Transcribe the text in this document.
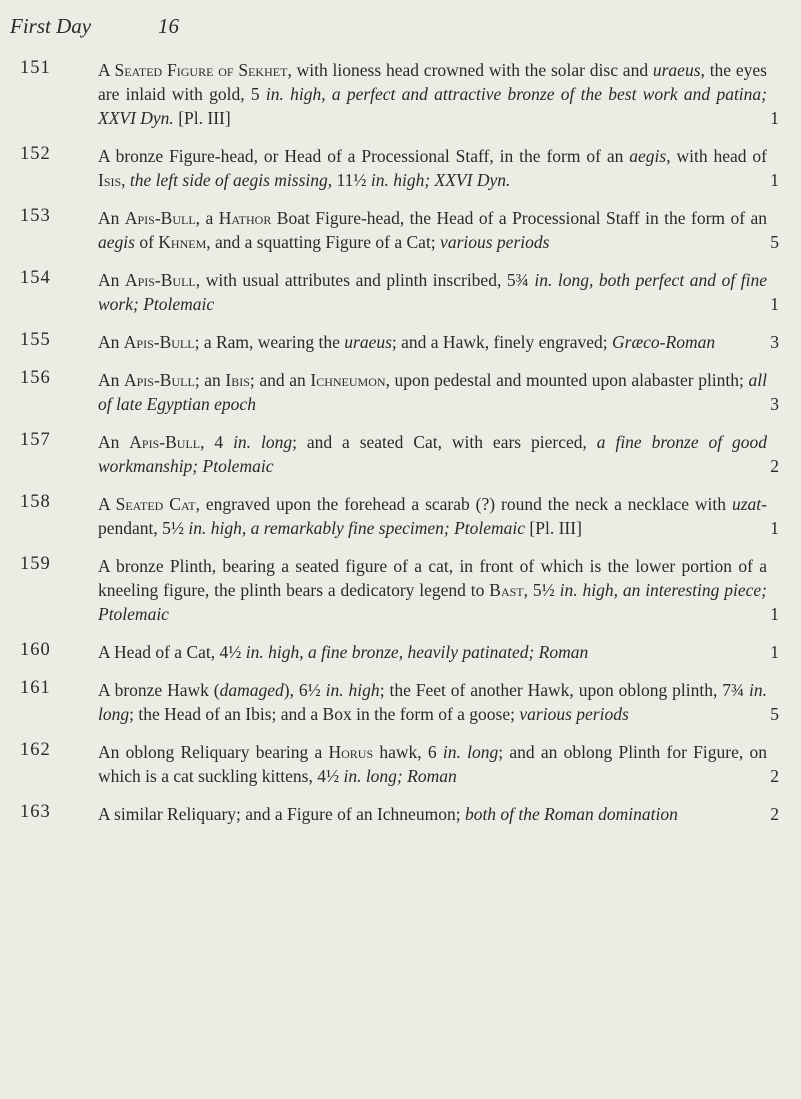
First Day	16
151	A Seated Figure of Sekhet, with lioness head crowned with the solar disc and uraeus, the eyes are inlaid with gold, 5 in. high, a perfect and attractive bronze of the best work and patina; XXVI Dyn. [Pl. III]	1
152	A bronze Figure-head, or Head of a Processional Staff, in the form of an aegis, with head of Isis, the left side of aegis missing, 11½ in. high; XXVI Dyn.	1
153	An Apis-Bull, a Hathor Boat Figure-head, the Head of a Processional Staff in the form of an aegis of Khnem, and a squatting Figure of a Cat; various periods	5
154	An Apis-Bull, with usual attributes and plinth inscribed, 5¾ in. long, both perfect and of fine work; Ptolemaic	1
155	An Apis-Bull; a Ram, wearing the uraeus; and a Hawk, finely engraved; Græco-Roman	3
156	An Apis-Bull; an Ibis; and an Ichneumon, upon pedestal and mounted upon alabaster plinth; all of late Egyptian epoch	3
157	An Apis-Bull, 4 in. long; and a seated Cat, with ears pierced, a fine bronze of good workmanship; Ptolemaic	2
158	A Seated Cat, engraved upon the forehead a scarab (?) round the neck a necklace with uzat-pendant, 5½ in. high, a remarkably fine specimen; Ptolemaic [Pl. III]	1
159	A bronze Plinth, bearing a seated figure of a cat, in front of which is the lower portion of a kneeling figure, the plinth bears a dedicatory legend to Bast, 5½ in. high, an interesting piece; Ptolemaic	1
160	A Head of a Cat, 4½ in. high, a fine bronze, heavily patinated; Roman	1
161	A bronze Hawk (damaged), 6½ in. high; the Feet of another Hawk, upon oblong plinth, 7¾ in. long; the Head of an Ibis; and a Box in the form of a goose; various periods	5
162	An oblong Reliquary bearing a Horus hawk, 6 in. long; and an oblong Plinth for Figure, on which is a cat suckling kittens, 4½ in. long; Roman	2
163	A similar Reliquary; and a Figure of an Ichneumon; both of the Roman domination	2
